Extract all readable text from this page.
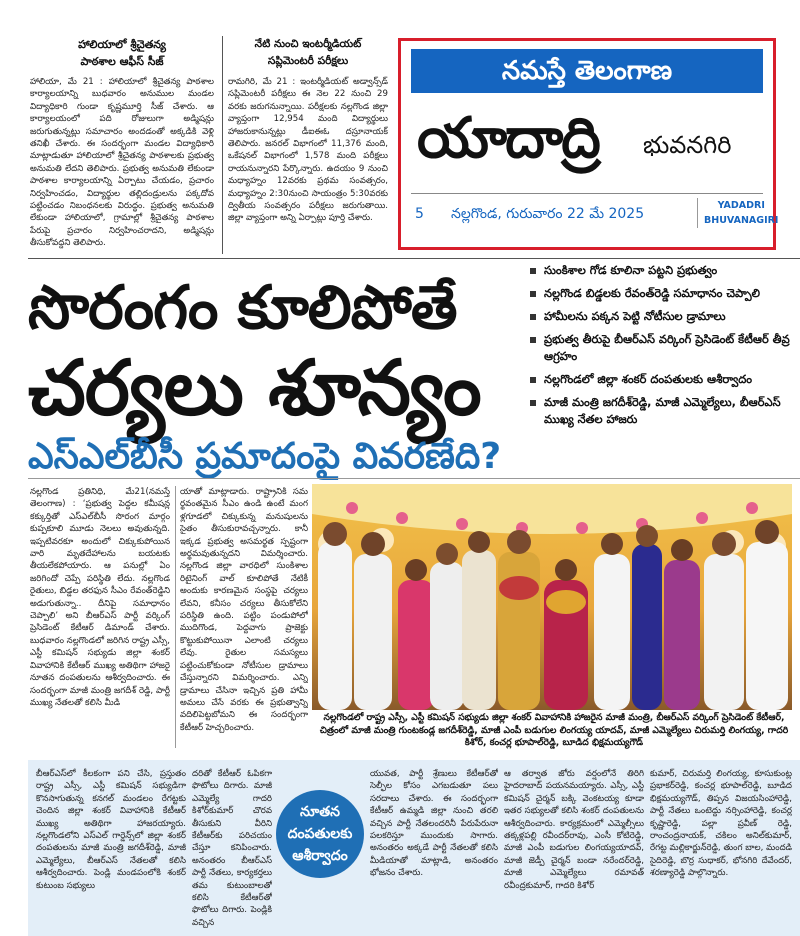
హాలియాలో శ్రీచైతన్య
పాఠశాల ఆఫీస్ సీజ్
హాలియా, మే 21 : హాలియాలో శ్రీచైతన్య పాఠశాల కార్యాలయాన్ని బుధవారం అనుముల మండల విద్యాధికారి గుండా కృష్ణమూర్తి సీజ్ చేశారు. ఆ కార్యాలయంలో పది రోజులుగా అడ్మిషన్లు జరుగుతున్నట్లు సమాచారం అందడంతో అక్కడికి వెళ్లి తనిఖీ చేశారు. ఈ సందర్భంగా మండల విద్యాధికారి మాట్లాడుతూ హాలియాలో శ్రీచైతన్య పాఠశాలకు ప్రభుత్వ అనుమతి లేదని తెలిపారు. ప్రభుత్వ అనుమతి లేకుండా పాఠశాల కార్యాలయాన్ని ఏర్పాటు చేయడం, ప్రచారం నిర్వహించడం, విద్యార్థుల తల్లిదండ్రులను పక్కదోవ పట్టించడం నిబంధనలకు విరుద్ధం. ప్రభుత్వ అనుమతి లేకుండా హాలియాలో, గ్రామాల్లో శ్రీచైతన్య పాఠశాల పేరుపై ప్రచారం నిర్వహించరాదని, అడ్మిషన్లు తీసుకోవద్దని తెలిపారు.
నేటి నుంచి ఇంటర్మీడియట్
సప్లిమెంటరీ పరీక్షలు
రామగిరి, మే 21 : ఇంటర్మీడియట్ అడ్వాన్స్‌డ్ సప్లిమెంటరీ పరీక్షలు ఈ నెల 22 నుంచి 29 వరకు జరుగనున్నాయి. పరీక్షలకు నల్లగొండ జిల్లా వ్యాప్తంగా 12,954 మంది విద్యార్థులు హాజరుకానున్నట్లు డీఐఈఓ దస్రూనాయక్ తెలిపారు. జనరల్ విభాగంలో 11,376 మంది, ఒకేషనల్ విభాగంలో 1,578 మంది పరీక్షలు రాయనున్నారని పేర్కొన్నారు. ఉదయం 9 నుంచి మధ్యాహ్నం 12వరకు ప్రథమ సంవత్సరం, మధ్యాహ్నం 2:30నుంచి సాయంత్రం 5:30వరకు ద్వితీయ సంవత్సరం పరీక్షలు జరుగుతాయి. జిల్లా వ్యాప్తంగా అన్ని ఏర్పాట్లు పూర్తి చేశారు.
నమస్తే తెలంగాణ
యాదాద్రి భువనగిరి
5 నల్లగొండ, గురువారం 22 మే 2025
YADADRI
BHUVANAGIRI
సొరంగం కూలిపోతే
చర్యలు శూన్యం
ఎస్ఎల్‌బీసీ ప్రమాదంపై వివరణేది?
సుంకిశాల గోడ కూలినా పట్టని ప్రభుత్వం
నల్లగొండ బిడ్డలకు రేవంత్‌రెడ్డి సమాధానం చెప్పాలి
హామీలను పక్కన పెట్టి నోటీసుల డ్రామాలు
ప్రభుత్వ తీరుపై బీఆర్‌ఎస్ వర్కింగ్ ప్రెసిడెంట్ కేటీఆర్ తీవ్ర ఆగ్రహం
నల్లగొండలో జిల్లా శంకర్ దంపతులకు ఆశీర్వాదం
మాజీ మంత్రి జగదీశ్‌రెడ్డి, మాజీ ఎమ్మెల్యేలు, బీఆర్‌ఎస్ ముఖ్య నేతల హాజరు
నల్లగొండ ప్రతినిధి, మే21(నమస్తే తెలంగాణ) : ‘ప్రభుత్వ పెద్దల కమీషన్ల కక్కుర్తితో ఎస్ఎల్‌బీసీ సొరంగ మార్గం కుప్పకూలి మూడు నెలలు అవుతున్నది. ఇప్పటివరకూ అందులో చిక్కుకుపోయిన వారి మృతదేహాలను బయటకు తీయలేకపోయారు. ఆ పనుల్లో ఏం జరిగిందో చెప్పే పరిస్థితి లేదు. నల్లగొండ రైతులు, బిడ్డల తరఫున సీఎం రేవంత్‌రెడ్డిని అడుగుతున్నా.. దీనిపై సమాధానం చెప్పాలి’ అని బీఆర్‌ఎస్ పార్టీ వర్కింగ్ ప్రెసిడెంట్ కేటీఆర్ డిమాండ్ చేశారు. బుధవారం నల్లగొండలో జరిగిన రాష్ట్ర ఎస్సీ, ఎస్టీ కమిషన్ సభ్యుడు జిల్లా శంకర్ వివాహానికి కేటీఆర్ ముఖ్య అతిథిగా హాజరై నూతన దంపతులను ఆశీర్వదించారు. ఈ సందర్భంగా మాజీ మంత్రి జగదీశ్ రెడ్డి, పార్టీ ముఖ్య నేతలతో కలిసి మీడి
యాతో మాట్లాడారు. రాష్ట్రానికి సమ ర్థవంతమైన సీఎం ఉండి ఉంటే మంగ ళ్లగూడలో చిక్కుకున్న మనుషులను సైతం తీసుకురావచ్చన్నారు. కానీ ఇక్కడ ప్రభుత్వ అసమర్థత స్పష్టంగా అర్థమవుతున్నదని విమర్శించారు. నల్లగొండ జిల్లా వారధిలో సుంకిశాల రిటైనింగ్ వాల్ కూలిపోతే నేటికీ అందుకు కారణమైన సంస్థపై చర్యలు లేవని, కనీసం చర్యలు తీసుకోలేని పరిస్థితి ఉంది. పట్టిం పండుపోలో ముదిగొండ, పెద్దవాగు ప్రాజెక్టు కొట్టుకుపోయినా ఎలాంటి చర్యలు లేవు. రైతుల సమస్యలు పట్టించుకోకుండా నోటీసుల డ్రామాలు చేస్తున్నారని విమర్శించారు. ఎన్ని డ్రామాలు చేసినా ఇచ్చిన ప్రతి హామీ అమలు చేసే వరకు ఈ ప్రభుత్వాన్ని వదిలిపెట్టబోమని ఈ సందర్భంగా కేటీఆర్ హెచ్చరించారు.
నల్లగొండలో రాష్ట్ర ఎస్సీ, ఎస్టీ కమిషన్ సభ్యుడు జిల్లా శంకర్ వివాహానికి హాజరైన మాజీ మంత్రి, బీఆర్‌ఎస్ వర్కింగ్ ప్రెసిడెంట్ కేటీఆర్, చిత్రంలో మాజీ మంత్రి గుంటకండ్ల జగదీశ్‌రెడ్డి, మాజీ ఎంపీ బడుగుల లింగయ్య యాదవ్, మాజీ ఎమ్మెల్యేలు చిరుమర్తి లింగయ్య, గాదరి కిశోర్, కంచర్ల భూపాల్‌రెడ్డి, బూడిద భిక్షమయ్యగౌడ్
బీఆర్‌ఎస్‌లో కీలకంగా పని చేసి, ప్రస్తుతం రాష్ట్ర ఎస్సీ, ఎస్టీ కమిషన్ సభ్యుడిగా కొనసాగుతున్న కనగల్ మండలం రేగట్టకు చెందిన జిల్లా శంకర్ వివాహానికి కేటీఆర్ ముఖ్య అతిథిగా హాజరయ్యారు. నల్లగొండలోని ఎస్‌ఎల్ గార్డెన్స్‌లో జిల్లా శంకర్ దంపతులను మాజీ మంత్రి జగదీశ్‌రెడ్డి, మాజీ ఎమ్మెల్యేలు, బీఆర్‌ఎస్ నేతలతో కలిసి ఆశీర్వదించారు. పెండ్లి మండపంలోకి శంకర్ కుటుంబ సభ్యులు
దరితో కేటీఆర్ ఓపికగా ఫొటోలు దిగారు. మాజీ ఎమ్మెల్యే గాదరి కిశోర్‌కుమార్ చొరవ తీసుకుని వీరిని కేటీఆర్‌కు పరిచయం చేస్తూ కనిపించారు. అనంతరం బీఆర్‌ఎస్ పార్టీ నేతలు, కార్యకర్తలు తమ కుటుంబాలతో కలిసి కేటీఆర్‌తో ఫొటోలు దిగారు. పెండ్లికి వచ్చిన
నూతన దంపతులకు ఆశీర్వాదం
యువత, పార్టీ శ్రేణులు కేటీఆర్‌తో సెల్ఫీల కోసం ఎగబడుతూ పలు సరదాలు చేశారు. ఈ సందర్భంగా కేటీఆర్ ఉమ్మడి జిల్లా నుంచి తరలి వచ్చిన పార్టీ నేతలందరినీ పేరుపేరునా పలకరిస్తూ ముందుకు సాగారు. అనంతరం అక్కడే పార్టీ నేతలతో కలిసి మీడియాతో మాట్లాడి, అనంతరం భోజనం చేశారు.
ఆ తర్వాత జోరు వర్షంలోనే తిరిగి హైదరాబాద్ పయనమయ్యారు. ఎస్సీ, ఎస్టీ కమిషన్ చైర్మన్ బక్కి వెంకటయ్య కూడా ఇతర సభ్యులతో కలిసి శంకర్ దంపతులను ఆశీర్వదించారు. కార్యక్రమంలో ఎమ్మెల్సీలు తక్కళ్లపల్లి రవీందర్‌రావు, ఎంసీ కోటిరెడ్డి, మాజీ ఎంపీ బడుగుల లింగయ్యయాదవ్, మాజీ జెడ్పీ చైర్మన్ బండా నరేందర్‌రెడ్డి, మాజీ ఎమ్మెల్యేలు రమావత్ రవీంద్రకుమార్, గాదరి కిశోర్
కుమార్, చిరుమర్తి లింగయ్య, కూసుకుంట్ల ప్రభాకర్‌రెడ్డి, కంచర్ల భూపాల్‌రెడ్డి, బూడిద భిక్షమయ్యగౌడ్, తిప్పన విజయసింహారెడ్డి, పార్టీ నేతలు ఒంటెద్దు నర్సింహారెడ్డి, కంచర్ల కృష్ణారెడ్డి, పల్లా ప్రవీణ్ రెడ్డి, రాంచంద్రనాయక్, చకిలం అనిల్‌కుమార్, రేగట్ట మల్లికార్జున్‌రెడ్డి, తుంగ బాల, మందడి సైదిరెడ్డి, బొర్ర సుధాకర్, భోనగిరి దేవేందర్, శరణ్యారెడ్డి పాల్గొన్నారు.
